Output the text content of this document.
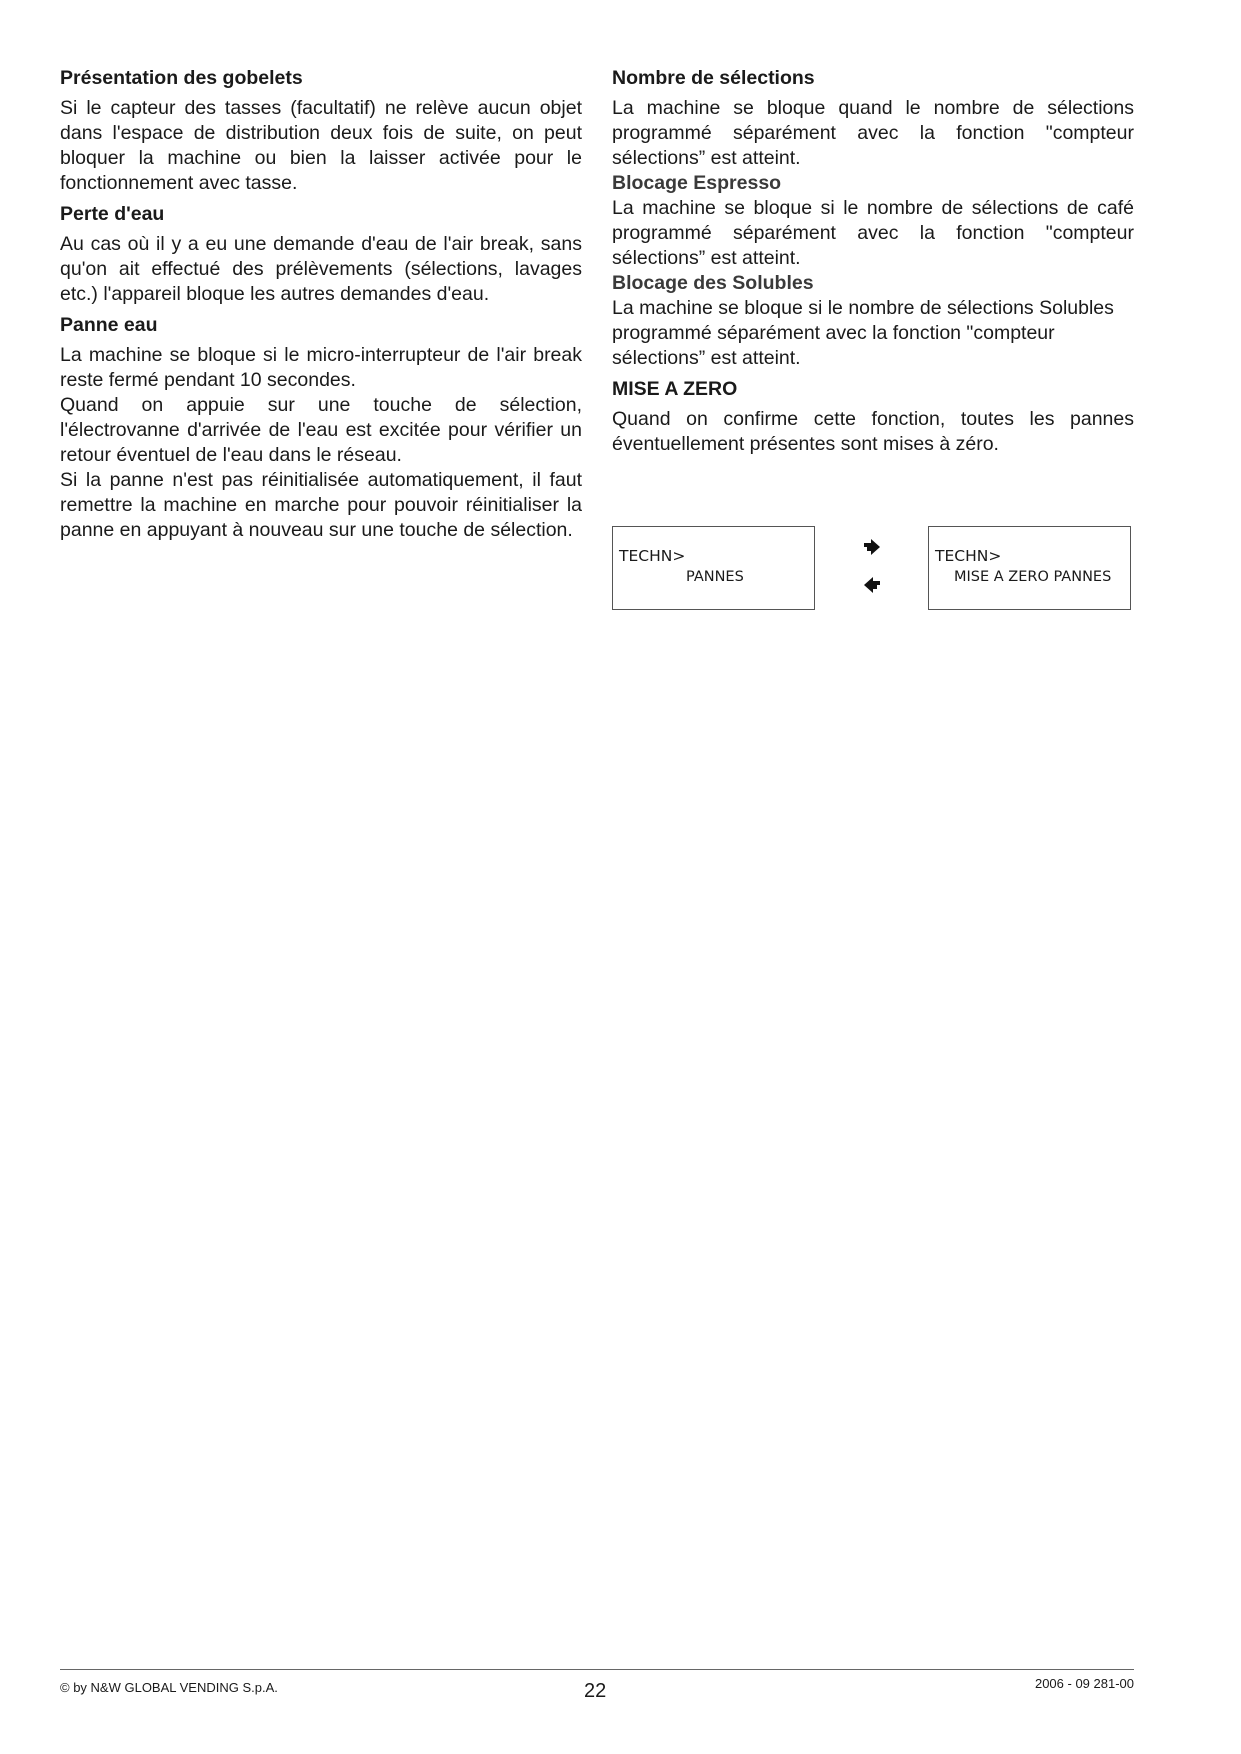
Présentation des gobelets

Si le capteur des tasses (facultatif) ne relève aucun objet dans l'espace de distribution deux fois de suite, on peut bloquer la machine ou bien la laisser activée pour le fonctionnement avec tasse.

Perte d'eau

Au cas où il y a eu une demande d'eau de l'air break, sans qu'on ait effectué des prélèvements (sélections, lavages etc.) l'appareil bloque les autres demandes d'eau.

Panne eau

La machine se bloque si le micro-interrupteur de l'air break reste fermé pendant 10 secondes.

Quand on appuie sur une touche de sélection, l'électrovanne d'arrivée de l'eau est excitée pour vérifier un retour éventuel de l'eau dans le réseau.

Si la panne n'est pas réinitialisée automatiquement, il faut remettre la machine en marche pour pouvoir réinitialiser la panne en appuyant à nouveau sur une touche de sélection.

Nombre de sélections

La machine se bloque quand le nombre de sélections programmé séparément avec la fonction "compteur sélections” est atteint.

Blocage Espresso

La machine se bloque si le nombre de sélections de café programmé séparément avec la fonction "compteur sélections” est atteint.

Blocage des Solubles

La machine se bloque si le nombre de sélections Solubles programmé séparément avec la fonction "compteur sélections” est atteint.

MISE A ZERO

Quand on confirme cette fonction, toutes les pannes éventuellement présentes sont mises à zéro.

TECHN>
PANNES
TECHN>
MISE A ZERO PANNES
© by N&W GLOBAL VENDING S.p.A.	22	2006 - 09 281-00
